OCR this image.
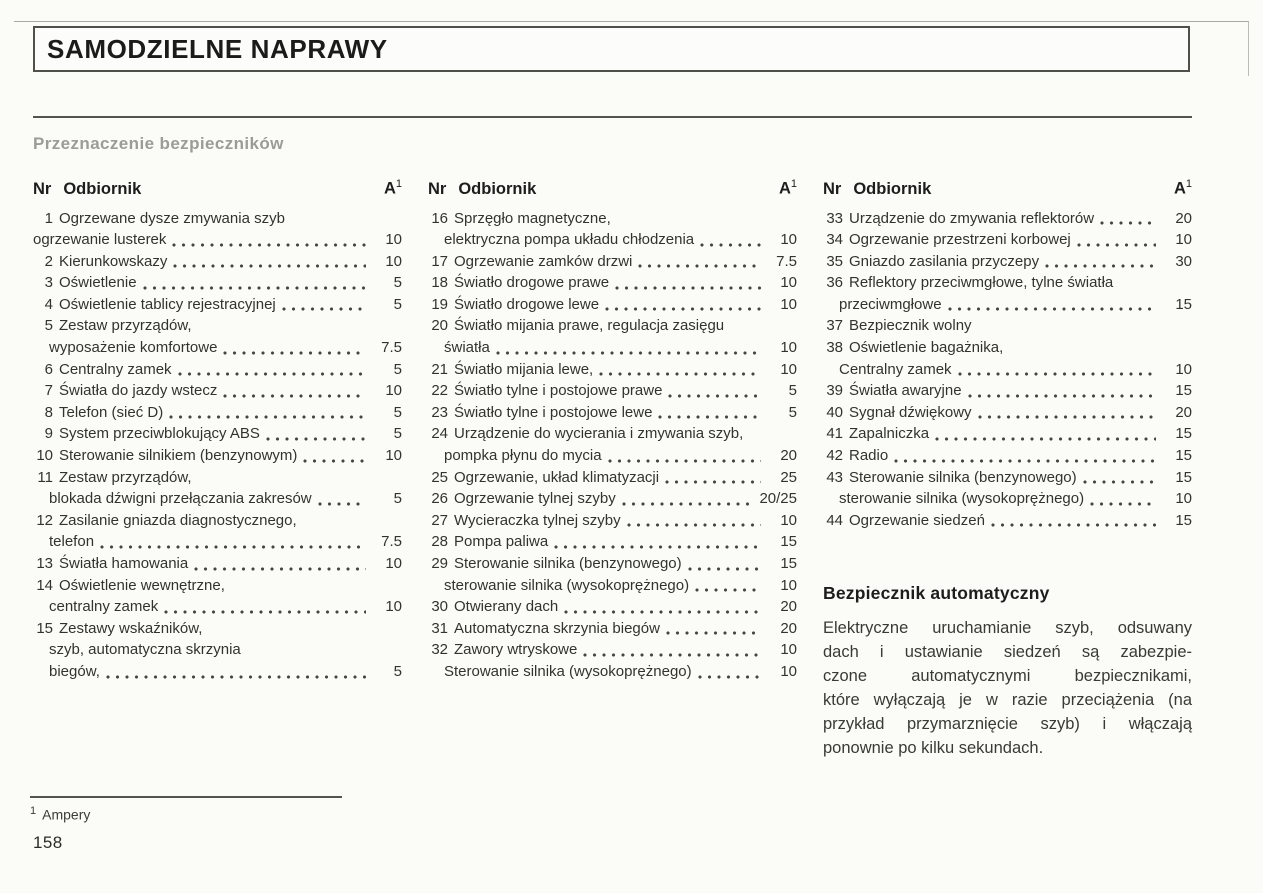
SAMODZIELNE NAPRAWY
Przeznaczenie bezpieczników
Nr Odbiornik	$A^1$
1 Ogrzewane dysze zmywania szyb
ogrzewanie lusterek	10
2 Kierunkowskazy	10
3 Oświetlenie	5
4 Oświetlenie tablicy rejestracyjnej	5
5 Zestaw przyrządów,
wyposażenie komfortowe	7.5
6 Centralny zamek	5
7 Światła do jazdy wstecz	10
8 Telefon (sieć D)	5
9 System przeciwblokujący ABS	5
10 Sterowanie silnikiem (benzynowym)	10
11 Zestaw przyrządów,
blokada dźwigni przełączania zakresów	5
12 Zasilanie gniazda diagnostycznego,
telefon	7.5
13 Światła hamowania	10
14 Oświetlenie wewnętrzne,
centralny zamek	10
15 Zestawy wskaźników,
szyb, automatyczna skrzynia
biegów,	5
Nr Odbiornik	$A^1$
16 Sprzęgło magnetyczne,
elektryczna pompa układu chłodzenia	10
17 Ogrzewanie zamków drzwi	7.5
18 Światło drogowe prawe	10
19 Światło drogowe lewe	10
20 Światło mijania prawe, regulacja zasięgu
światła	10
21 Światło mijania lewe,	10
22 Światło tylne i postojowe prawe	5
23 Światło tylne i postojowe lewe	5
24 Urządzenie do wycierania i zmywania szyb,
pompka płynu do mycia	20
25 Ogrzewanie, układ klimatyzacji	25
26 Ogrzewanie tylnej szyby	20/25
27 Wycieraczka tylnej szyby	10
28 Pompa paliwa	15
29 Sterowanie silnika (benzynowego)	15
sterowanie silnika (wysokoprężnego)	10
30 Otwierany dach	20
31 Automatyczna skrzynia biegów	20
32 Zawory wtryskowe	10
Sterowanie silnika (wysokoprężnego)	10
Nr Odbiornik	$A^1$
33 Urządzenie do zmywania reflektorów	20
34 Ogrzewanie przestrzeni korbowej	10
35 Gniazdo zasilania przyczepy	30
36 Reflektory przeciwmgłowe, tylne światła
przeciwmgłowe	15
37 Bezpiecznik wolny
38 Oświetlenie bagażnika,
Centralny zamek	10
39 Światła awaryjne	15
40 Sygnał dźwiękowy	20
41 Zapalniczka	15
42 Radio	15
43 Sterowanie silnika (benzynowego)	15
sterowanie silnika (wysokoprężnego)	10
44 Ogrzewanie siedzeń	15
Bezpiecznik automatyczny
Elektryczne uruchamianie szyb, odsuwany
dach i ustawianie siedzeń są zabezpie-
czone automatycznymi bezpiecznikami,
które wyłączają je w razie przeciążenia (na
przykład przymarznięcie szyb) i włączają
ponownie po kilku sekundach.
$^1$ Ampery
158
